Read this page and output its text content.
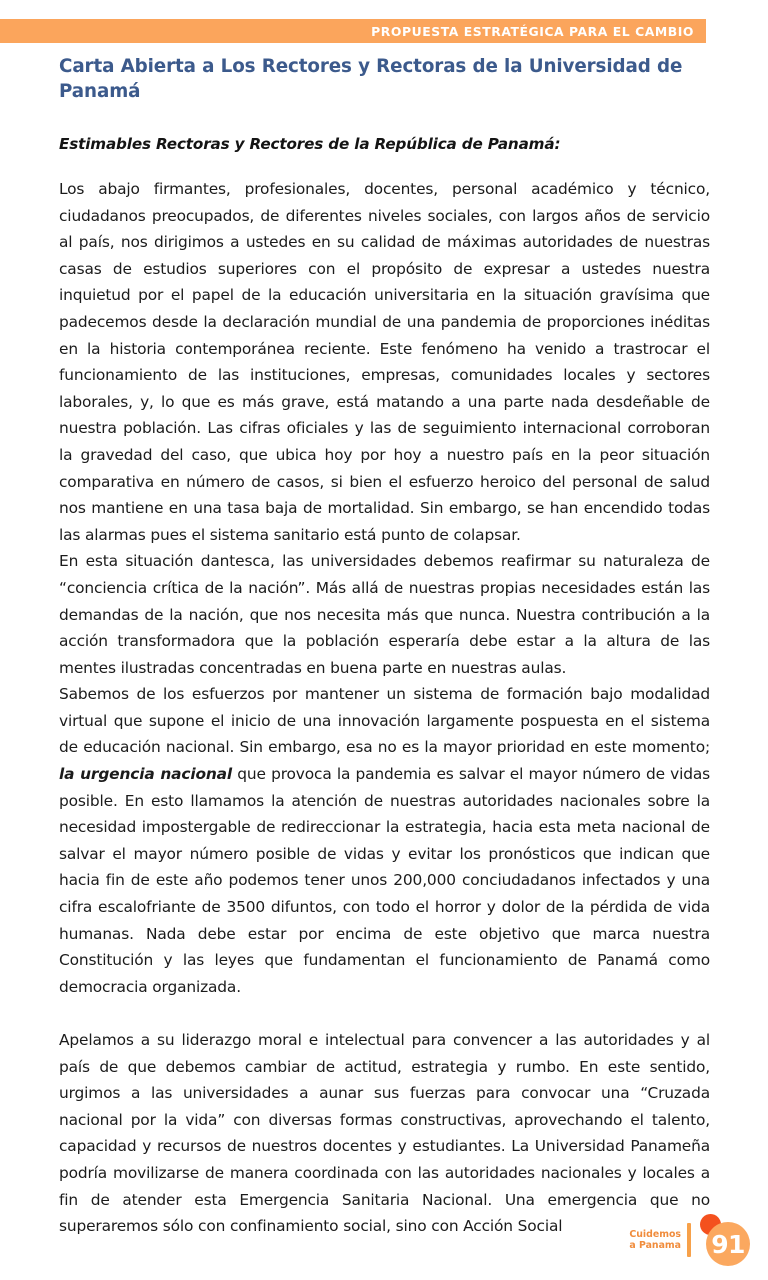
PROPUESTA ESTRATÉGICA PARA EL CAMBIO
Carta Abierta a Los Rectores y Rectoras de la Universidad de Panamá

Estimables Rectoras y Rectores de la República de Panamá:

Los abajo firmantes, profesionales, docentes, personal académico y técnico, ciudadanos preocupados, de diferentes niveles sociales, con largos años de servicio al país, nos dirigimos a ustedes en su calidad de máximas autoridades de nuestras casas de estudios superiores con el propósito de expresar a ustedes nuestra inquietud por el papel de la educación universitaria en la situación gravísima que padecemos desde la declaración mundial de una pandemia de proporciones inéditas en la historia contemporánea reciente. Este fenómeno ha venido a trastrocar el funcionamiento de las instituciones, empresas, comunidades locales y sectores laborales, y, lo que es más grave, está matando a una parte nada desdeñable de nuestra población. Las cifras oficiales y las de seguimiento internacional corroboran la gravedad del caso, que ubica hoy por hoy a nuestro país en la peor situación comparativa en número de casos, si bien el esfuerzo heroico del personal de salud nos mantiene en una tasa baja de mortalidad. Sin embargo, se han encendido todas las alarmas pues el sistema sanitario está punto de colapsar.

En esta situación dantesca, las universidades debemos reafirmar su naturaleza de “conciencia crítica de la nación”. Más allá de nuestras propias necesidades están las demandas de la nación, que nos necesita más que nunca. Nuestra contribución a la acción transformadora que la población esperaría debe estar a la altura de las mentes ilustradas concentradas en buena parte en nuestras aulas.

Sabemos de los esfuerzos por mantener un sistema de formación bajo modalidad virtual que supone el inicio de una innovación largamente pospuesta en el sistema de educación nacional. Sin embargo, esa no es la mayor prioridad en este momento; la urgencia nacional que provoca la pandemia es salvar el mayor número de vidas posible. En esto llamamos la atención de nuestras autoridades nacionales sobre la necesidad impostergable de redireccionar la estrategia, hacia esta meta nacional de salvar el mayor número posible de vidas y evitar los pronósticos que indican que hacia fin de este año podemos tener unos 200,000 conciudadanos infectados y una cifra escalofriante de 3500 difuntos, con todo el horror y dolor de la pérdida de vida humanas. Nada debe estar por encima de este objetivo que marca nuestra Constitución y las leyes que fundamentan el funcionamiento de Panamá como democracia organizada.

Apelamos a su liderazgo moral e intelectual para convencer a las autoridades y al país de que debemos cambiar de actitud, estrategia y rumbo. En este sentido, urgimos a las universidades a aunar sus fuerzas para convocar una “Cruzada nacional por la vida” con diversas formas constructivas, aprovechando el talento, capacidad y recursos de nuestros docentes y estudiantes. La Universidad Panameña podría movilizarse de manera coordinada con las autoridades nacionales y locales a fin de atender esta Emergencia Sanitaria Nacional. Una emergencia que no superaremos sólo con confinamiento social, sino con Acción Social	Cuidemos
a Panama 91
